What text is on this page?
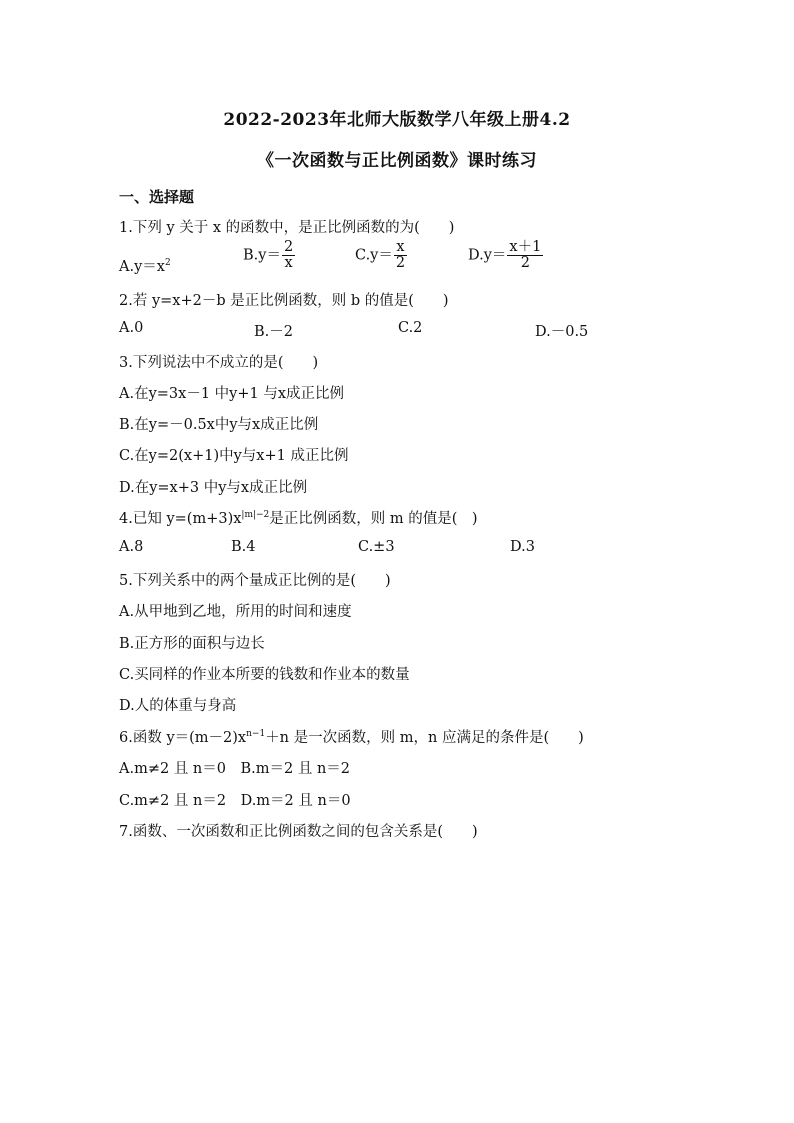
2022-2023年北师大版数学八年级上册4.2
《一次函数与正比例函数》课时练习
一、选择题
1.下列 y 关于 x 的函数中，是正比例函数的为(　　)
$A.y=x^2$	$B.y= \frac{2}{x}$	$C.y= \frac{x}{2}$	$D.y= \frac{x+1}{2}$
2.若 y=x+2－b 是正比例函数，则 b 的值是(　　)
A.0	B.－2	C.2	D.－0.5
3.下列说法中不成立的是(　　)
A.在y=3x－1 中y+1 与x成正比例
B.在y=－0.5x中y与x成正比例
C.在y=2(x+1)中y与x+1 成正比例
D.在y=x+3 中y与x成正比例
4.已知 $y=(m+3)x^{|m|-2}$是正比例函数，则 m 的值是(　)
A.8	B.4	C.±3	D.3
5.下列关系中的两个量成正比例的是(　　)
A.从甲地到乙地，所用的时间和速度
B.正方形的面积与边长
C.买同样的作业本所要的钱数和作业本的数量
D.人的体重与身高
6.函数 $y=(m-2)x^{n-1}+n$ 是一次函数，则 m，n 应满足的条件是(　　)
A.m≠2 且 n＝0　B.m＝2 且 n＝2
C.m≠2 且 n＝2　D.m＝2 且 n＝0
7.函数、一次函数和正比例函数之间的包含关系是(　　)
